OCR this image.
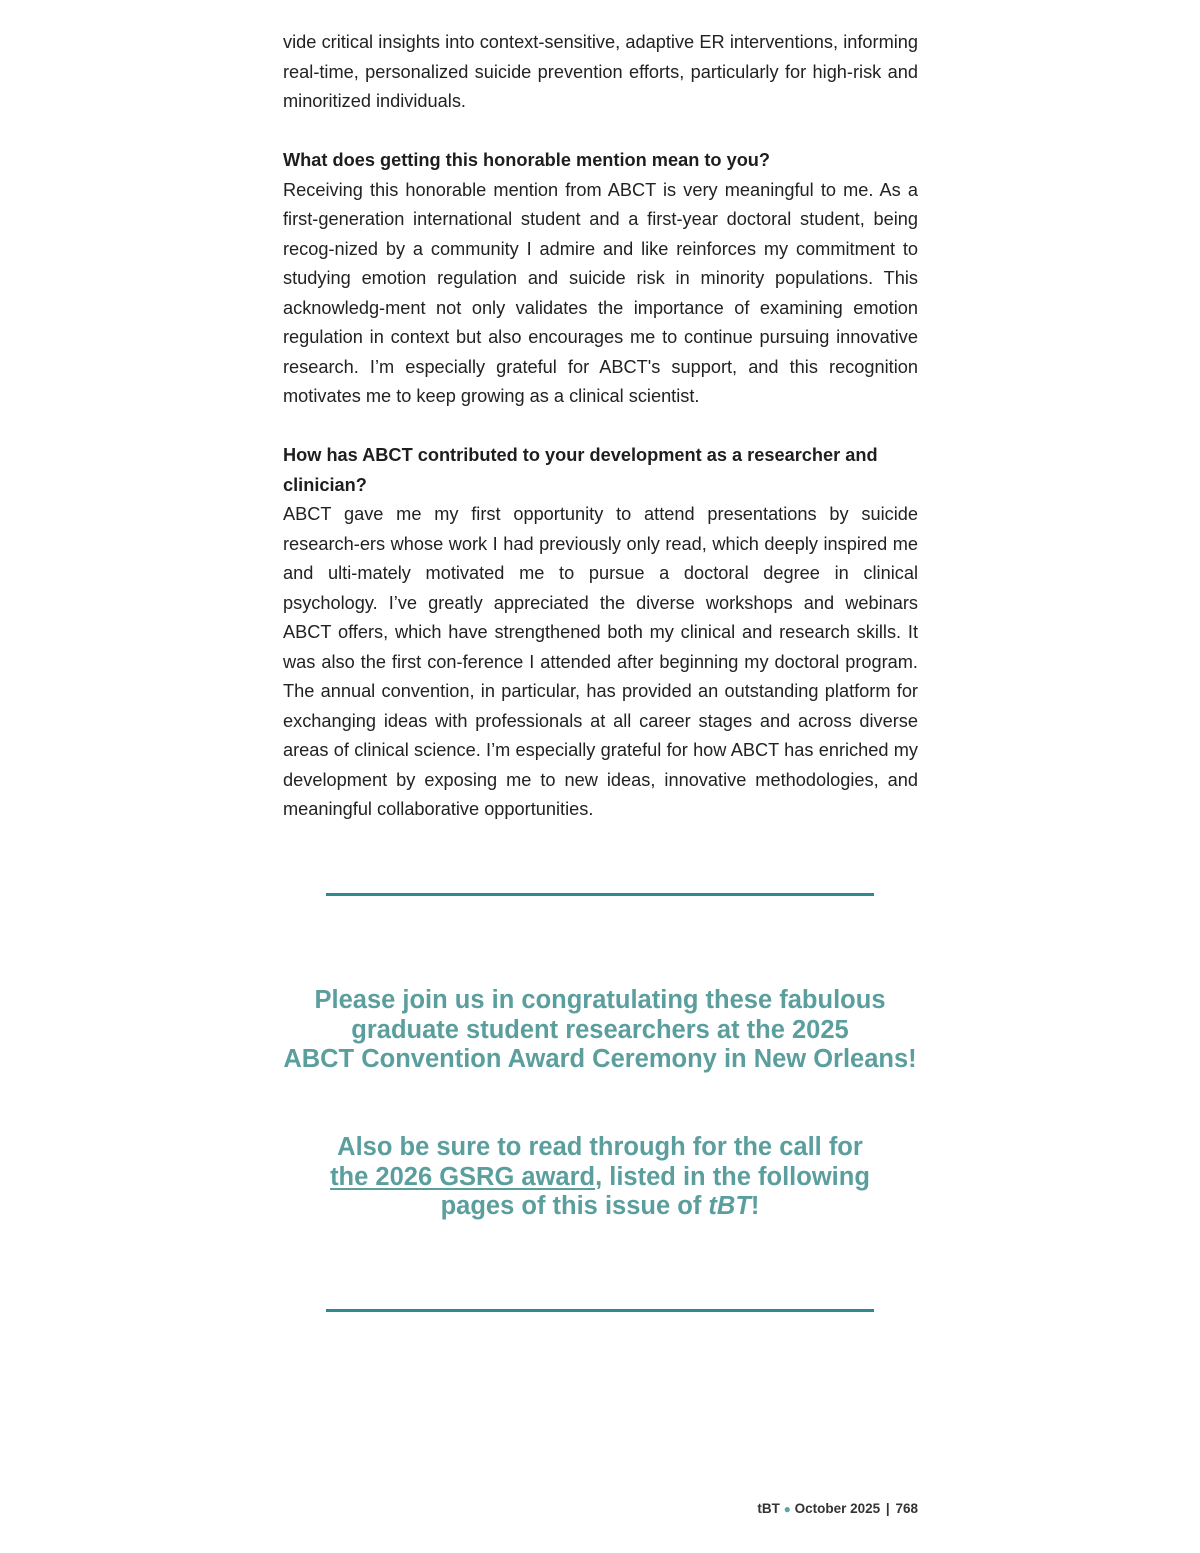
vide critical insights into context-sensitive, adaptive ER interventions, informing real-time, personalized suicide prevention efforts, particularly for high-risk and minoritized individuals.

What does getting this honorable mention mean to you?

Receiving this honorable mention from ABCT is very meaningful to me. As a first-generation international student and a first-year doctoral student, being recog-nized by a community I admire and like reinforces my commitment to studying emotion regulation and suicide risk in minority populations. This acknowledg-ment not only validates the importance of examining emotion regulation in context but also encourages me to continue pursuing innovative research. I’m especially grateful for ABCT's support, and this recognition motivates me to keep growing as a clinical scientist.

How has ABCT contributed to your development as a researcher and clinician?

ABCT gave me my first opportunity to attend presentations by suicide research-ers whose work I had previously only read, which deeply inspired me and ulti-mately motivated me to pursue a doctoral degree in clinical psychology. I’ve greatly appreciated the diverse workshops and webinars ABCT offers, which have strengthened both my clinical and research skills. It was also the first con-ference I attended after beginning my doctoral program. The annual convention, in particular, has provided an outstanding platform for exchanging ideas with professionals at all career stages and across diverse areas of clinical science. I’m especially grateful for how ABCT has enriched my development by exposing me to new ideas, innovative methodologies, and meaningful collaborative opportunities.

Please join us in congratulating these fabulous
graduate student researchers at the 2025
ABCT Convention Award Ceremony in New Orleans!
Also be sure to read through for the call for
the 2026 GSRG award, listed in the following
pages of this issue of tBT!
tBT ● October 2025 | 768
